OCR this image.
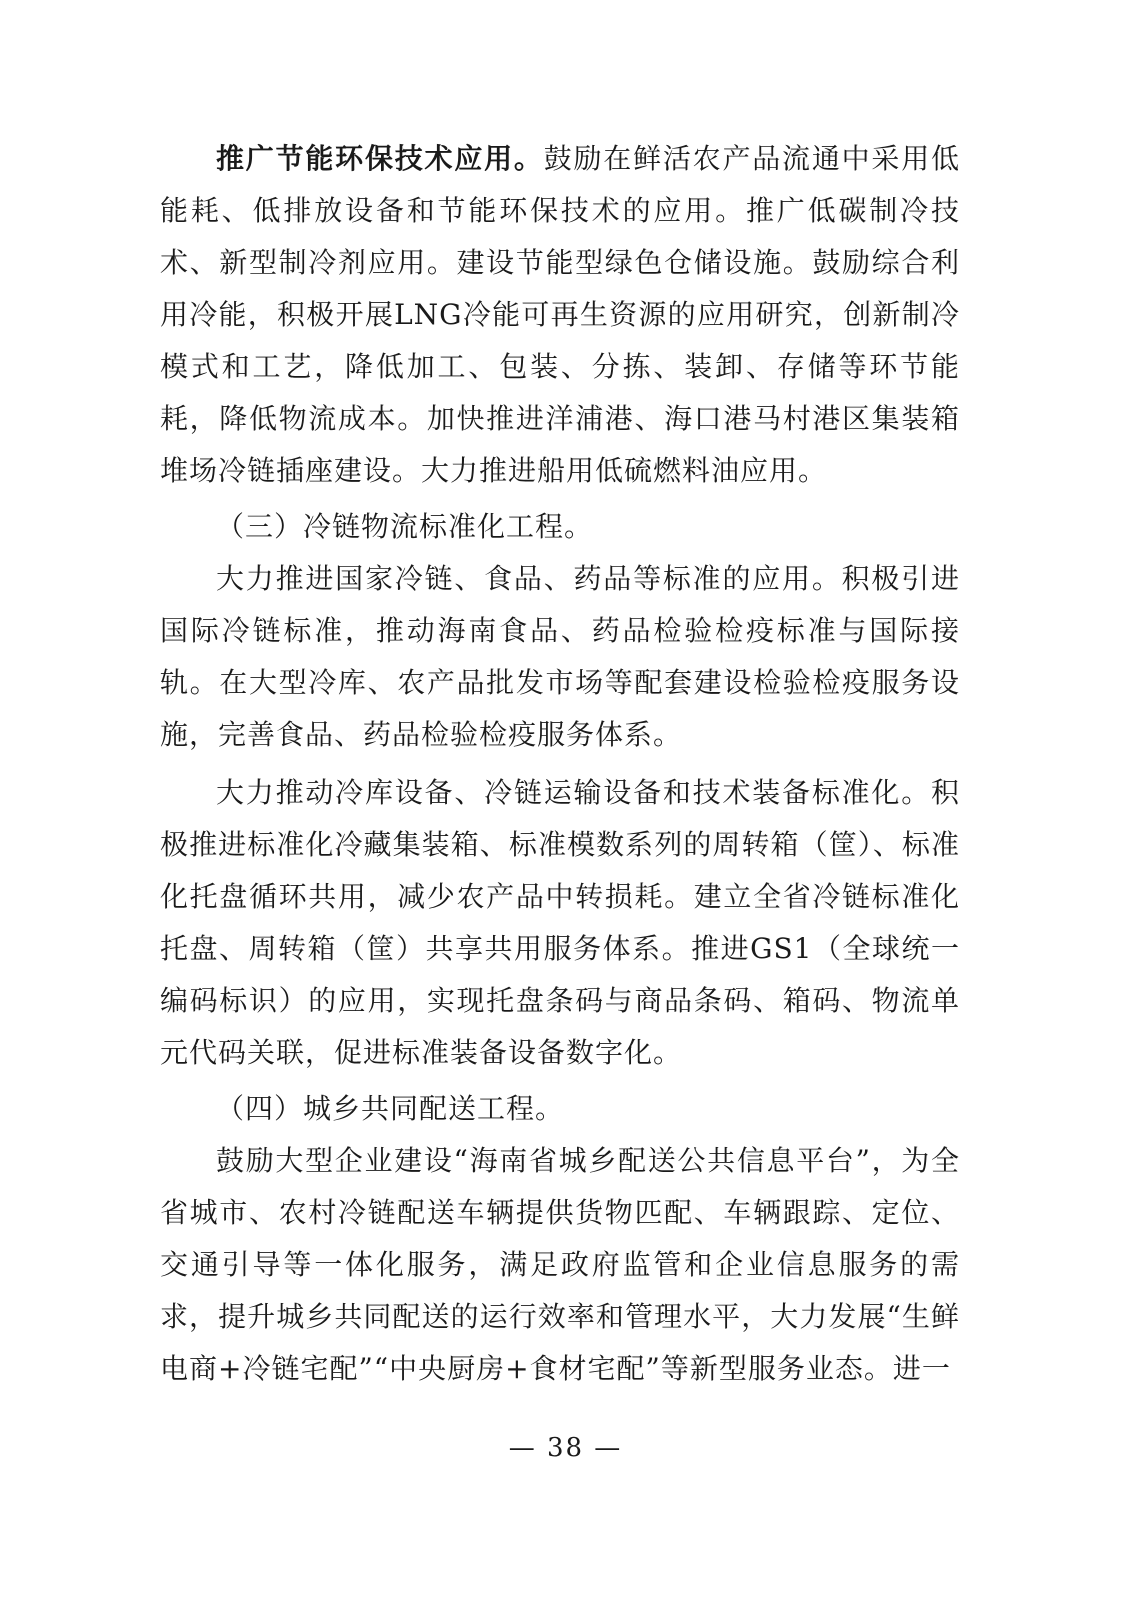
推广节能环保技术应用。鼓励在鲜活农产品流通中采用低能耗、低排放设备和节能环保技术的应用。推广低碳制冷技术、新型制冷剂应用。建设节能型绿色仓储设施。鼓励综合利用冷能，积极开展LNG冷能可再生资源的应用研究，创新制冷模式和工艺，降低加工、包装、分拣、装卸、存储等环节能耗，降低物流成本。加快推进洋浦港、海口港马村港区集装箱堆场冷链插座建设。大力推进船用低硫燃料油应用。

（三）冷链物流标准化工程。

大力推进国家冷链、食品、药品等标准的应用。积极引进国际冷链标准，推动海南食品、药品检验检疫标准与国际接轨。在大型冷库、农产品批发市场等配套建设检验检疫服务设施，完善食品、药品检验检疫服务体系。

大力推动冷库设备、冷链运输设备和技术装备标准化。积极推进标准化冷藏集装箱、标准模数系列的周转箱（筐）、标准化托盘循环共用，减少农产品中转损耗。建立全省冷链标准化托盘、周转箱（筐）共享共用服务体系。推进GS1（全球统一编码标识）的应用，实现托盘条码与商品条码、箱码、物流单元代码关联，促进标准装备设备数字化。

（四）城乡共同配送工程。

鼓励大型企业建设“海南省城乡配送公共信息平台”，为全省城市、农村冷链配送车辆提供货物匹配、车辆跟踪、定位、交通引导等一体化服务，满足政府监管和企业信息服务的需求，提升城乡共同配送的运行效率和管理水平，大力发展“生鲜电商+冷链宅配”“中央厨房+食材宅配”等新型服务业态。进一

— 38 —
